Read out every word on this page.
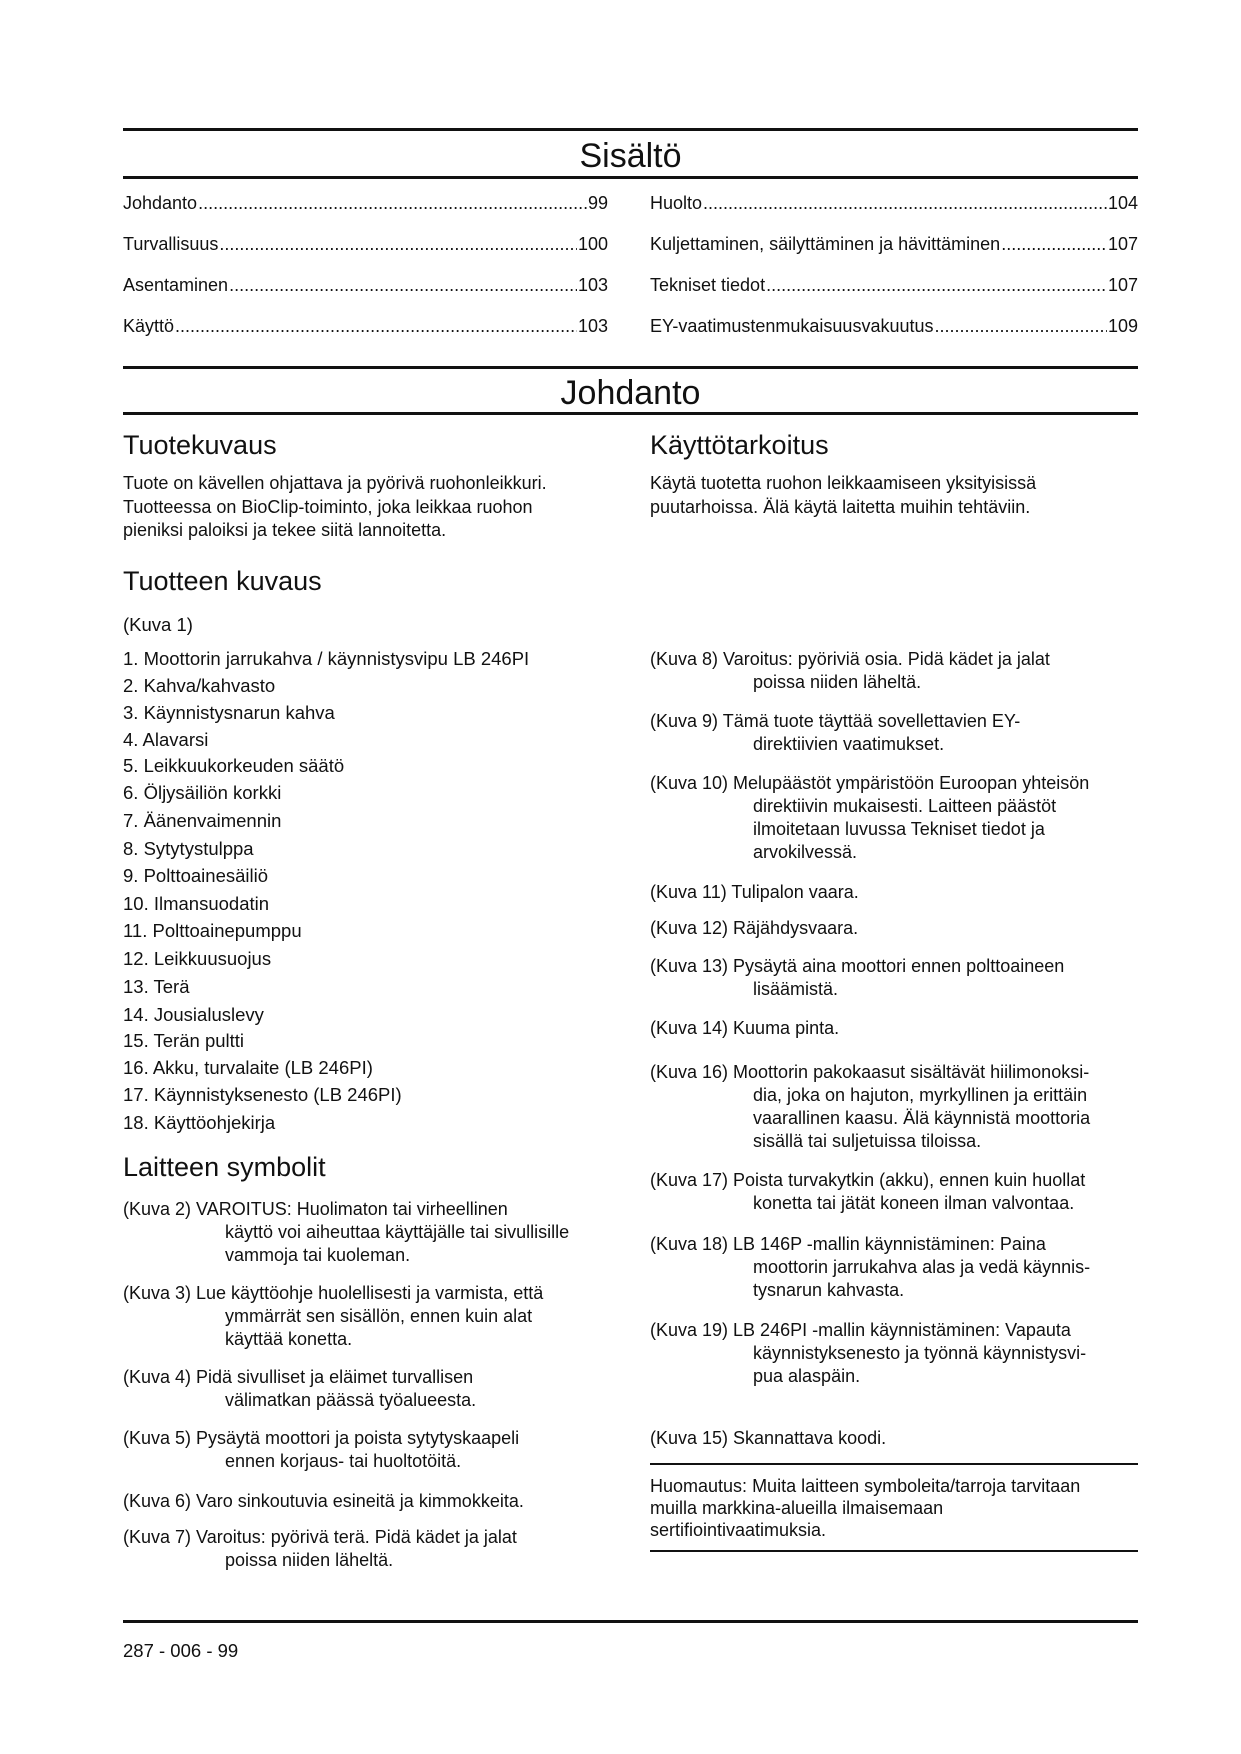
Sisältö
Johdanto .....	99
Turvallisuus .....	100
Asentaminen .....	103
Käyttö .....	103
Huolto .....	104
Kuljettaminen, säilyttäminen ja hävittäminen .....	107
Tekniset tiedot .....	107
EY-vaatimustenmukaisuusvakuutus .....	109
Johdanto
Tuotekuvaus

Tuote on kävellen ohjattava ja pyörivä ruohonleikkuri.

Tuotteessa on BioClip-toiminto, joka leikkaa ruohon

pieniksi paloiksi ja tekee siitä lannoitetta.

Käyttötarkoitus

Käytä tuotetta ruohon leikkaamiseen yksityisissä

puutarhoissa. Älä käytä laitetta muihin tehtäviin.

Tuotteen kuvaus
(Kuva 1)
1. Moottorin jarrukahva / käynnistysvipu LB 246PI
2. Kahva/kahvasto
3. Käynnistysnarun kahva
4. Alavarsi
5. Leikkuukorkeuden säätö
6. Öljysäiliön korkki
7. Äänenvaimennin
8. Sytytystulppa
9. Polttoainesäiliö
10. Ilmansuodatin
11. Polttoainepumppu
12. Leikkuusuojus
13. Terä
14. Jousialuslevy
15. Terän pultti
16. Akku, turvalaite (LB 246PI)
17. Käynnistyksenesto (LB 246PI)
18. Käyttöohjekirja
Laitteen symbolit
(Kuva 2) VAROITUS: Huolimaton tai virheellinen
käyttö voi aiheuttaa käyttäjälle tai sivullisille
vammoja tai kuoleman.
(Kuva 3) Lue käyttöohje huolellisesti ja varmista, että
ymmärrät sen sisällön, ennen kuin alat
käyttää konetta.
(Kuva 4) Pidä sivulliset ja eläimet turvallisen
välimatkan päässä työalueesta.
(Kuva 5) Pysäytä moottori ja poista sytytyskaapeli
ennen korjaus- tai huoltotöitä.
(Kuva 6) Varo sinkoutuvia esineitä ja kimmokkeita.
(Kuva 7) Varoitus: pyörivä terä. Pidä kädet ja jalat
poissa niiden läheltä.
(Kuva 8) Varoitus: pyöriviä osia. Pidä kädet ja jalat
poissa niiden läheltä.
(Kuva 9) Tämä tuote täyttää sovellettavien EY-
direktiivien vaatimukset.
(Kuva 10) Melupäästöt ympäristöön Euroopan yhteisön
direktiivin mukaisesti. Laitteen päästöt
ilmoitetaan luvussa Tekniset tiedot ja
arvokilvessä.
(Kuva 11) Tulipalon vaara.
(Kuva 12) Räjähdysvaara.
(Kuva 13) Pysäytä aina moottori ennen polttoaineen
lisäämistä.
(Kuva 14) Kuuma pinta.
(Kuva 16) Moottorin pakokaasut sisältävät hiilimonoksi-
dia, joka on hajuton, myrkyllinen ja erittäin
vaarallinen kaasu. Älä käynnistä moottoria
sisällä tai suljetuissa tiloissa.
(Kuva 17) Poista turvakytkin (akku), ennen kuin huollat
konetta tai jätät koneen ilman valvontaa.
(Kuva 18) LB 146P -mallin käynnistäminen: Paina
moottorin jarrukahva alas ja vedä käynnis-
tysnarun kahvasta.
(Kuva 19) LB 246PI -mallin käynnistäminen: Vapauta
käynnistyksenesto ja työnnä käynnistysvi-
pua alaspäin.
(Kuva 15) Skannattava koodi.
Huomautus: Muita laitteen symboleita/tarroja tarvitaan
muilla markkina-alueilla ilmaisemaan
sertifiointivaatimuksia.
287 - 006 - 99
